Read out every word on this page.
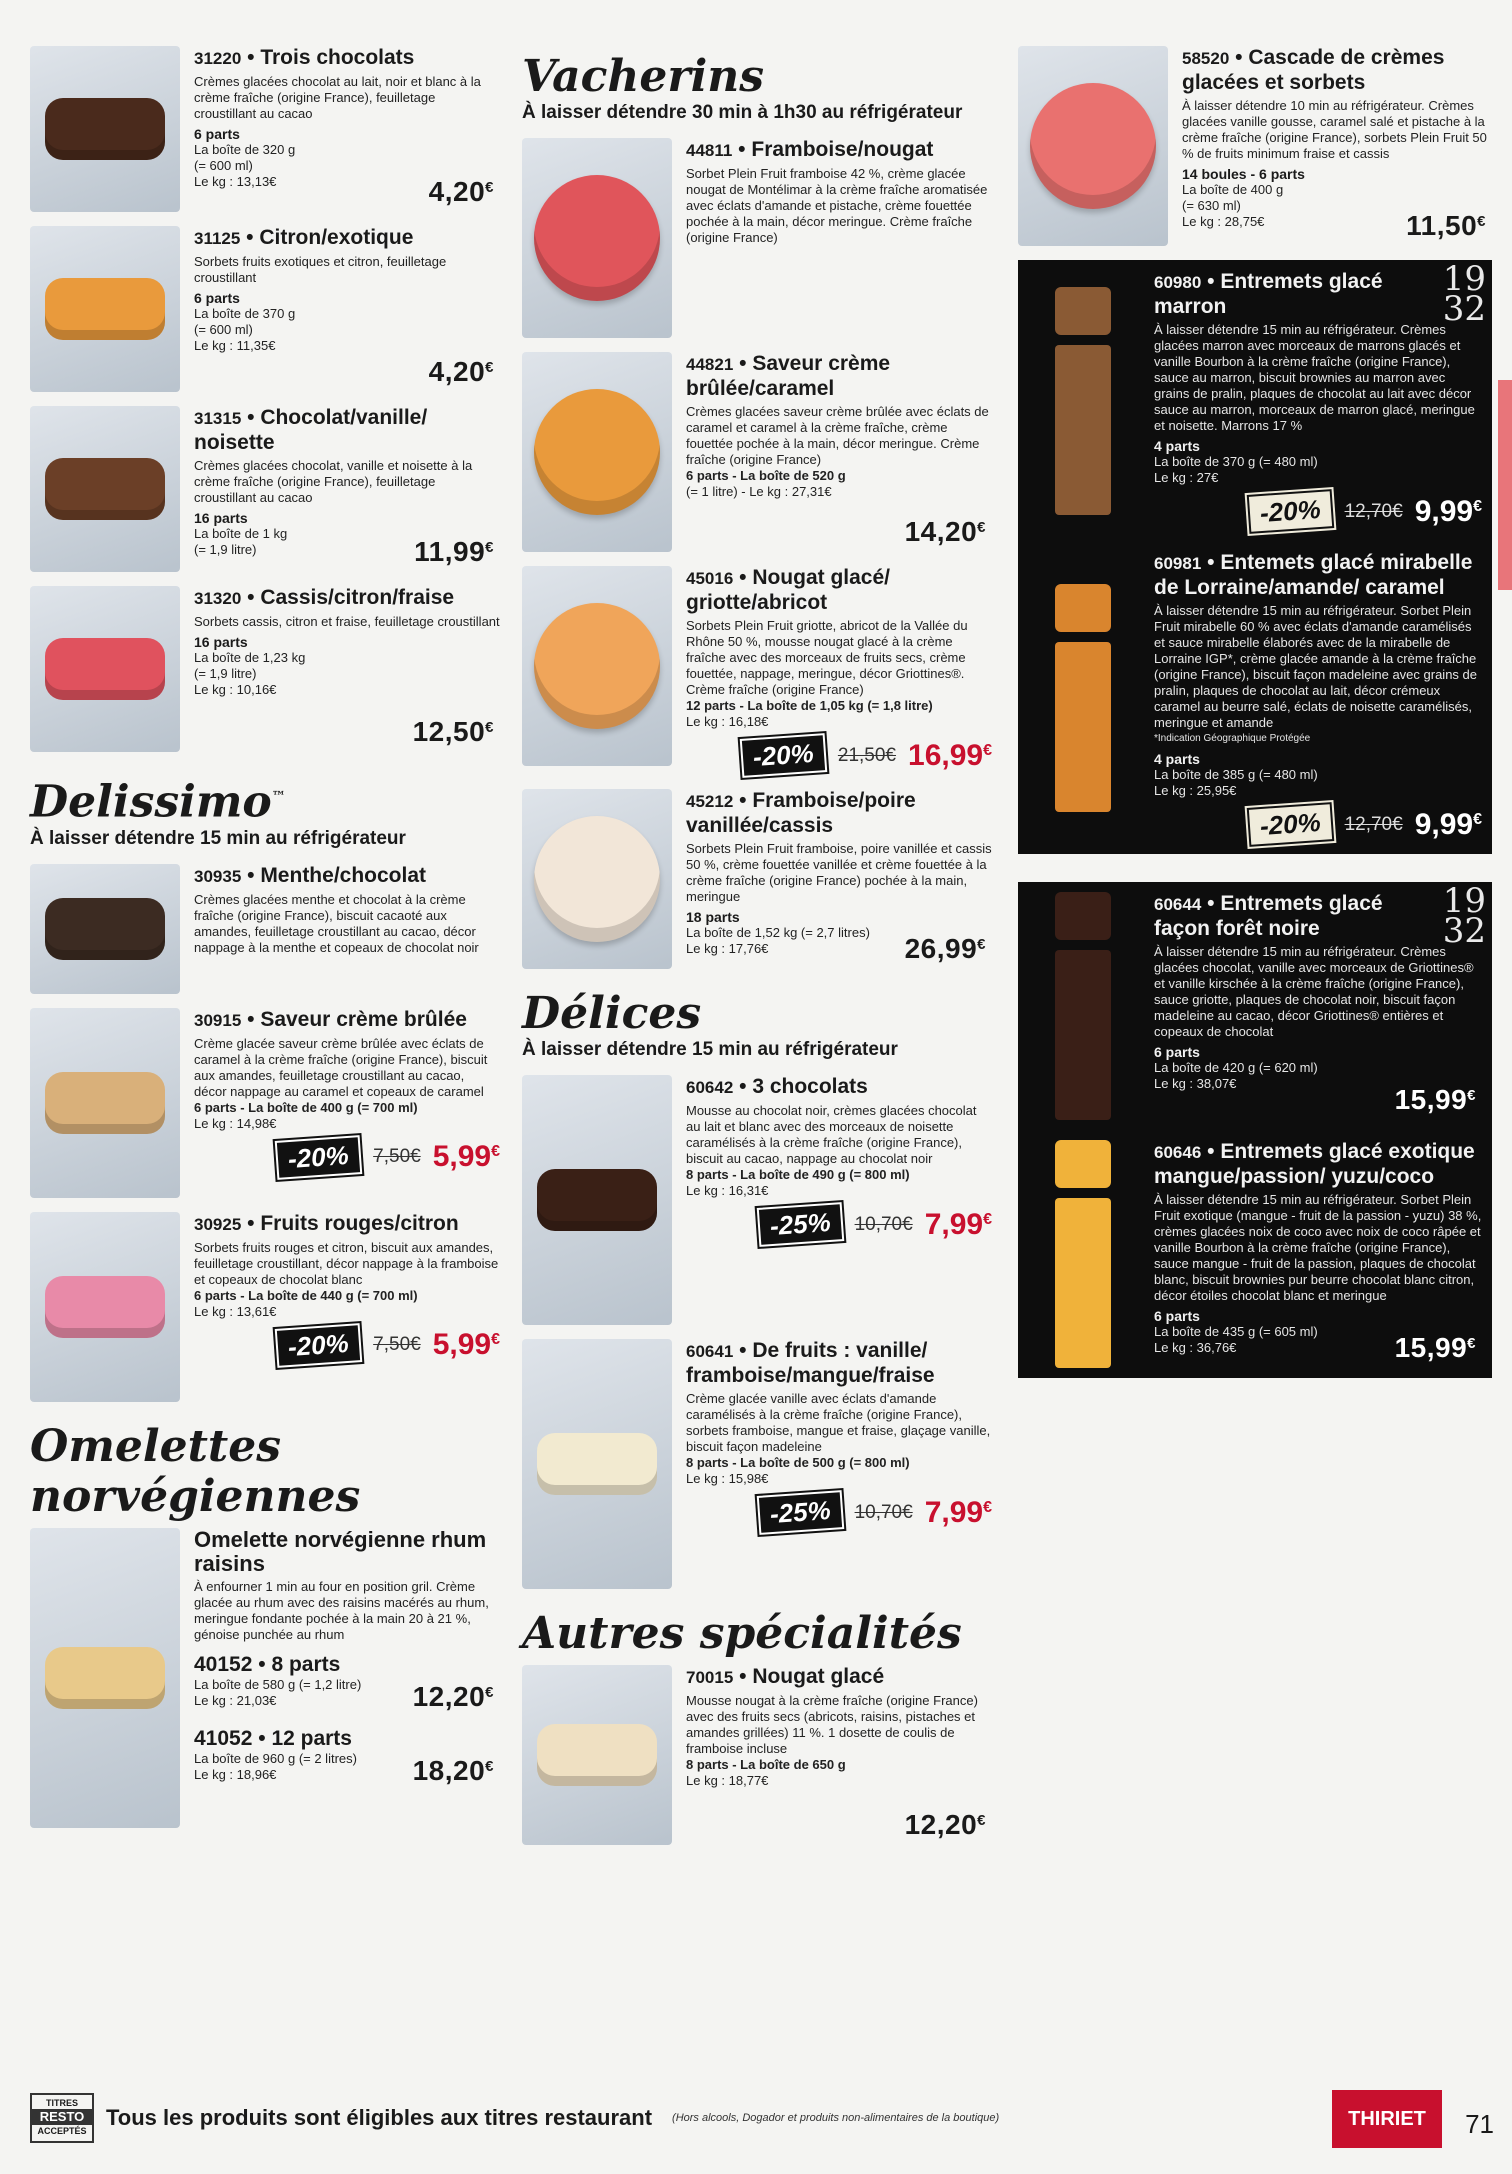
31220 • Trois chocolats
Crèmes glacées chocolat au lait, noir et blanc à la crème fraîche (origine France), feuilletage croustillant au cacao
6 parts
La boîte de 320 g
(= 600 ml)
Le kg : 13,13€	4,20€
31125 • Citron/exotique
Sorbets fruits exotiques et citron, feuilletage croustillant
6 parts
La boîte de 370 g
(= 600 ml)
Le kg : 11,35€
4,20€
31315 • Chocolat/vanille/ noisette
Crèmes glacées chocolat, vanille et noisette à la crème fraîche (origine France), feuilletage croustillant au cacao
16 parts
La boîte de 1 kg
(= 1,9 litre)	11,99€
31320 • Cassis/citron/fraise
Sorbets cassis, citron et fraise, feuilletage croustillant
16 parts
La boîte de 1,23 kg
(= 1,9 litre)
Le kg : 10,16€
12,50€
Delissimo™
À laisser détendre 15 min au réfrigérateur
30935 • Menthe/chocolat
Crèmes glacées menthe et chocolat à la crème fraîche (origine France), biscuit cacaoté aux amandes, feuilletage croustillant au cacao, décor nappage à la menthe et copeaux de chocolat noir
30915 • Saveur crème brûlée
Crème glacée saveur crème brûlée avec éclats de caramel à la crème fraîche (origine France), biscuit aux amandes, feuilletage croustillant au cacao, décor nappage au caramel et copeaux de caramel
6 parts - La boîte de 400 g (= 700 ml)
Le kg : 14,98€
-20%	7,50€ 5,99€
30925 • Fruits rouges/citron
Sorbets fruits rouges et citron, biscuit aux amandes, feuilletage croustillant, décor nappage à la framboise et copeaux de chocolat blanc
6 parts - La boîte de 440 g (= 700 ml)
Le kg : 13,61€
-20%	7,50€ 5,99€
Omelettes norvégiennes
Omelette norvégienne rhum raisins
À enfourner 1 min au four en position gril. Crème glacée au rhum avec des raisins macérés au rhum, meringue fondante pochée à la main 20 à 21 %, génoise punchée au rhum
40152 • 8 parts
La boîte de 580 g (= 1,2 litre)
Le kg : 21,03€	12,20€
41052 • 12 parts
La boîte de 960 g (= 2 litres)
Le kg : 18,96€	18,20€
Vacherins
À laisser détendre 30 min à 1h30 au réfrigérateur
44811 • Framboise/nougat
Sorbet Plein Fruit framboise 42 %, crème glacée nougat de Montélimar à la crème fraîche aromatisée avec éclats d'amande et pistache, crème fouettée pochée à la main, décor meringue. Crème fraîche (origine France)
44821 • Saveur crème brûlée/caramel
Crèmes glacées saveur crème brûlée avec éclats de caramel et caramel à la crème fraîche, crème fouettée pochée à la main, décor meringue. Crème fraîche (origine France)
6 parts - La boîte de 520 g
(= 1 litre) - Le kg : 27,31€
14,20€
45016 • Nougat glacé/ griotte/abricot
Sorbets Plein Fruit griotte, abricot de la Vallée du Rhône 50 %, mousse nougat glacé à la crème fraîche avec des morceaux de fruits secs, crème fouettée, nappage, meringue, décor Griottines®. Crème fraîche (origine France)
12 parts - La boîte de 1,05 kg (= 1,8 litre)
Le kg : 16,18€
-20%	21,50€ 16,99€
45212 • Framboise/poire vanillée/cassis
Sorbets Plein Fruit framboise, poire vanillée et cassis 50 %, crème fouettée vanillée et crème fouettée à la crème fraîche (origine France) pochée à la main, meringue
18 parts
La boîte de 1,52 kg (= 2,7 litres)
Le kg : 17,76€	26,99€
Délices
À laisser détendre 15 min au réfrigérateur
60642 • 3 chocolats
Mousse au chocolat noir, crèmes glacées chocolat au lait et blanc avec des morceaux de noisette caramélisés à la crème fraîche (origine France), biscuit au cacao, nappage au chocolat noir
8 parts - La boîte de 490 g (= 800 ml)
Le kg : 16,31€
-25%	10,70€ 7,99€
60641 • De fruits : vanille/ framboise/mangue/fraise
Crème glacée vanille avec éclats d'amande caramélisés à la crème fraîche (origine France), sorbets framboise, mangue et fraise, glaçage vanille, biscuit façon madeleine
8 parts - La boîte de 500 g (= 800 ml)
Le kg : 15,98€
-25%	10,70€ 7,99€
Autres spécialités
70015 • Nougat glacé
Mousse nougat à la crème fraîche (origine France) avec des fruits secs (abricots, raisins, pistaches et amandes grillées) 11 %. 1 dosette de coulis de framboise incluse
8 parts - La boîte de 650 g
Le kg : 18,77€
12,20€
58520 • Cascade de crèmes glacées et sorbets
À laisser détendre 10 min au réfrigérateur. Crèmes glacées vanille gousse, caramel salé et pistache à la crème fraîche (origine France), sorbets Plein Fruit 50 % de fruits minimum fraise et cassis
14 boules - 6 parts
La boîte de 400 g
(= 630 ml)
Le kg : 28,75€	11,50€
19
32
60980 • Entremets glacé marron
À laisser détendre 15 min au réfrigérateur. Crèmes glacées marron avec morceaux de marrons glacés et vanille Bourbon à la crème fraîche (origine France), sauce au marron, biscuit brownies au marron avec grains de pralin, plaques de chocolat au lait avec décor sauce au marron, morceaux de marron glacé, meringue et noisette. Marrons 17 %
4 parts
La boîte de 370 g (= 480 ml)
Le kg : 27€
-20%	12,70€ 9,99€
60981 • Entemets glacé mirabelle de Lorraine/amande/ caramel
À laisser détendre 15 min au réfrigérateur. Sorbet Plein Fruit mirabelle 60 % avec éclats d'amande caramélisés et sauce mirabelle élaborés avec de la mirabelle de Lorraine IGP*, crème glacée amande à la crème fraîche (origine France), biscuit façon madeleine avec grains de pralin, plaques de chocolat au lait, décor crémeux caramel au beurre salé, éclats de noisette caramélisés, meringue et amande
*Indication Géographique Protégée
4 parts
La boîte de 385 g (= 480 ml)
Le kg : 25,95€
-20%	12,70€ 9,99€
19
32
60644 • Entremets glacé façon forêt noire
À laisser détendre 15 min au réfrigérateur. Crèmes glacées chocolat, vanille avec morceaux de Griottines® et vanille kirschée à la crème fraîche (origine France), sauce griotte, plaques de chocolat noir, biscuit façon madeleine au cacao, décor Griottines® entières et copeaux de chocolat
6 parts
La boîte de 420 g (= 620 ml)
Le kg : 38,07€
15,99€
60646 • Entremets glacé exotique mangue/passion/ yuzu/coco
À laisser détendre 15 min au réfrigérateur. Sorbet Plein Fruit exotique (mangue - fruit de la passion - yuzu) 38 %, crèmes glacées noix de coco avec noix de coco râpée et vanille Bourbon à la crème fraîche (origine France), sauce mangue - fruit de la passion, plaques de chocolat blanc, biscuit brownies pur beurre chocolat blanc citron, décor étoiles chocolat blanc et meringue
6 parts
La boîte de 435 g (= 605 ml)
Le kg : 36,76€	15,99€
TITRES
RESTO
ACCEPTÉS
Tous les produits sont éligibles aux titres restaurant (Hors alcools, Dogador et produits non-alimentaires de la boutique)	THIRIET	71
